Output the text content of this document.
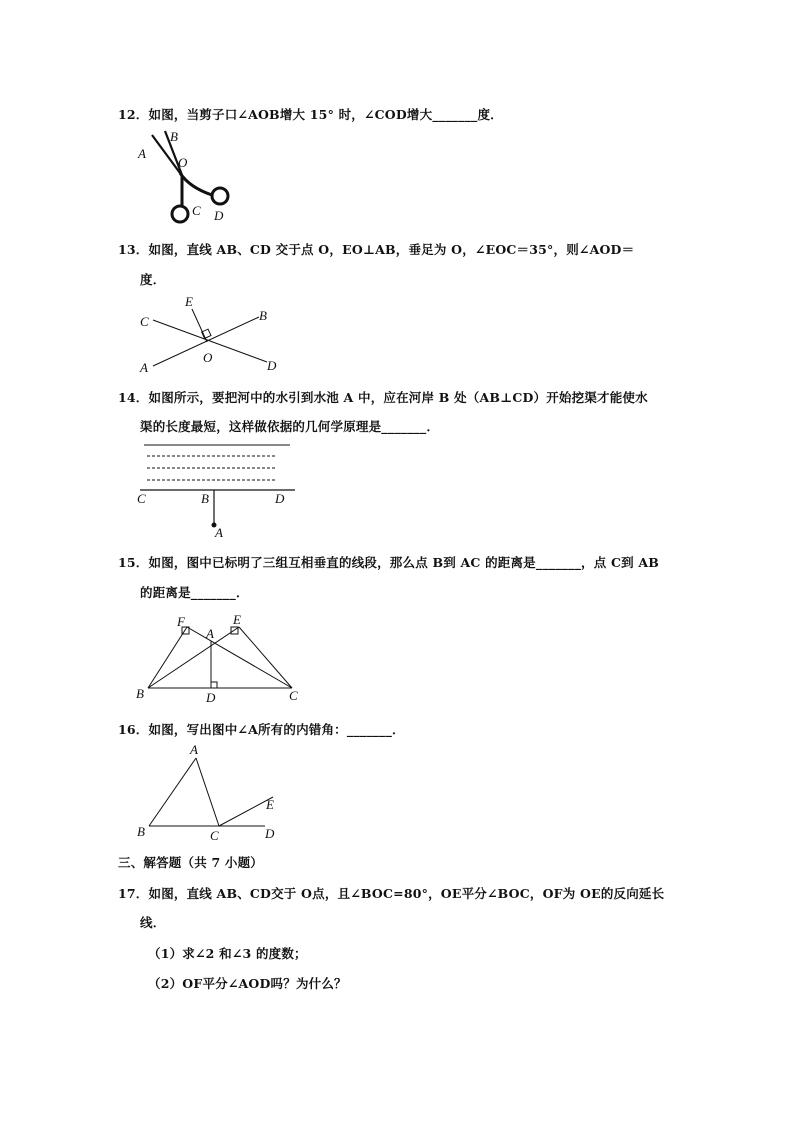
12．如图，当剪子口∠AOB增大 15° 时，∠COD增大_______度．
A
B
O
C D
13．如图，直线 AB、CD 交于点 O，EO⊥AB，垂足为 O，∠EOC＝35°，则∠AOD＝
度．
C
E
B
A
O
D
14．如图所示，要把河中的水引到水池 A 中，应在河岸 B 处（AB⊥CD）开始挖渠才能使水
渠的长度最短，这样做依据的几何学原理是_______．
C	B	D
A
15．如图，图中已标明了三组互相垂直的线段，那么点 B到 AC 的距离是_______，点 C到 AB
的距离是_______．
F
A
E
B	D	C
16．如图，写出图中∠A所有的内错角：_______．
A
E
B	C	D
三、解答题（共 7 小题）
17．如图，直线 AB、CD交于 O点，且∠BOC=80°，OE平分∠BOC，OF为 OE的反向延长
线．
（1）求∠2 和∠3 的度数；
（2）OF平分∠AOD吗？为什么？
